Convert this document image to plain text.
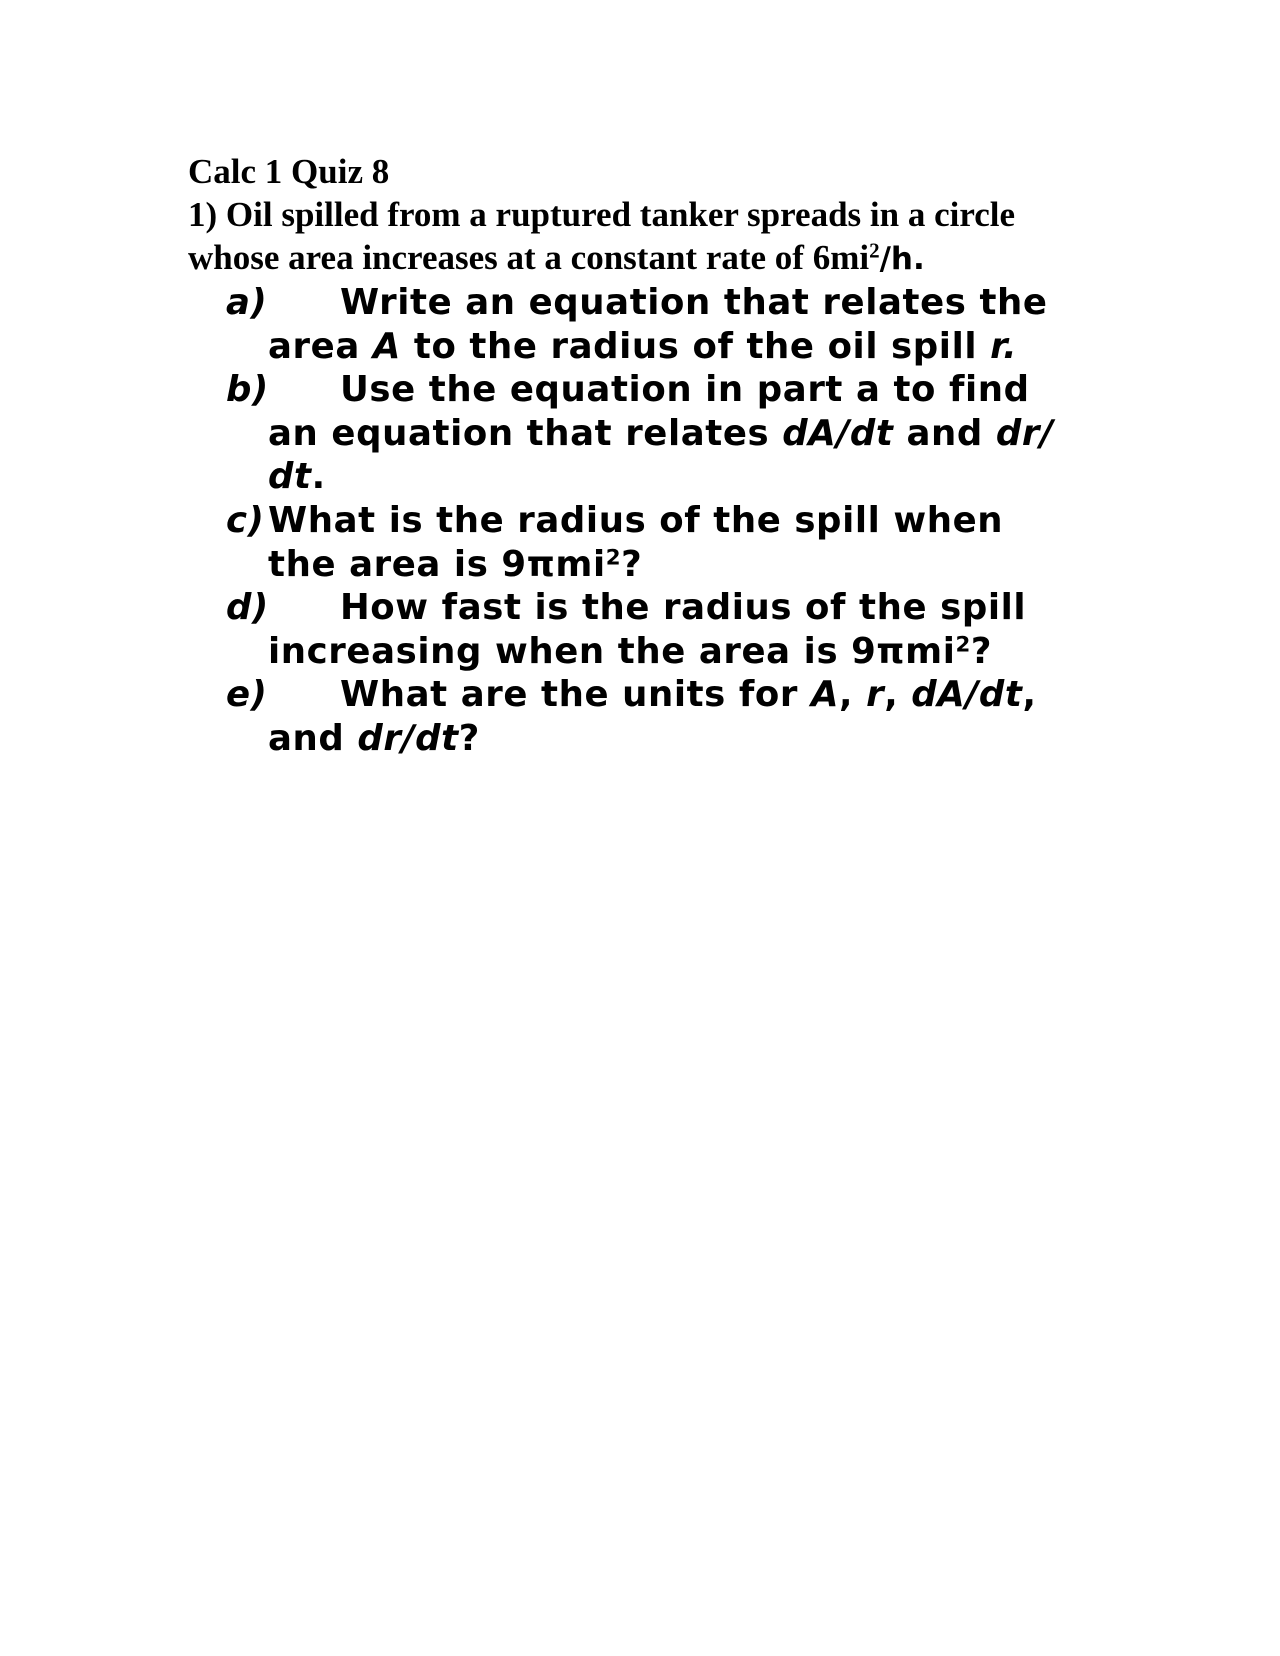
Calc 1 Quiz 8

1) Oil spilled from a ruptured tanker spreads in a circle whose area increases at a constant rate of $6mi^2/h$.

a) Write an equation that relates the area A to the radius of the oil spill r.
b) Use the equation in part a to find an equation that relates dA/dt and dr/ dt.
c) What is the radius of the spill when the area is 9πmi$^2$?
d) How fast is the radius of the spill increasing when the area is 9πmi$^2$?
e) What are the units for A, r, dA/dt, and dr/dt?
